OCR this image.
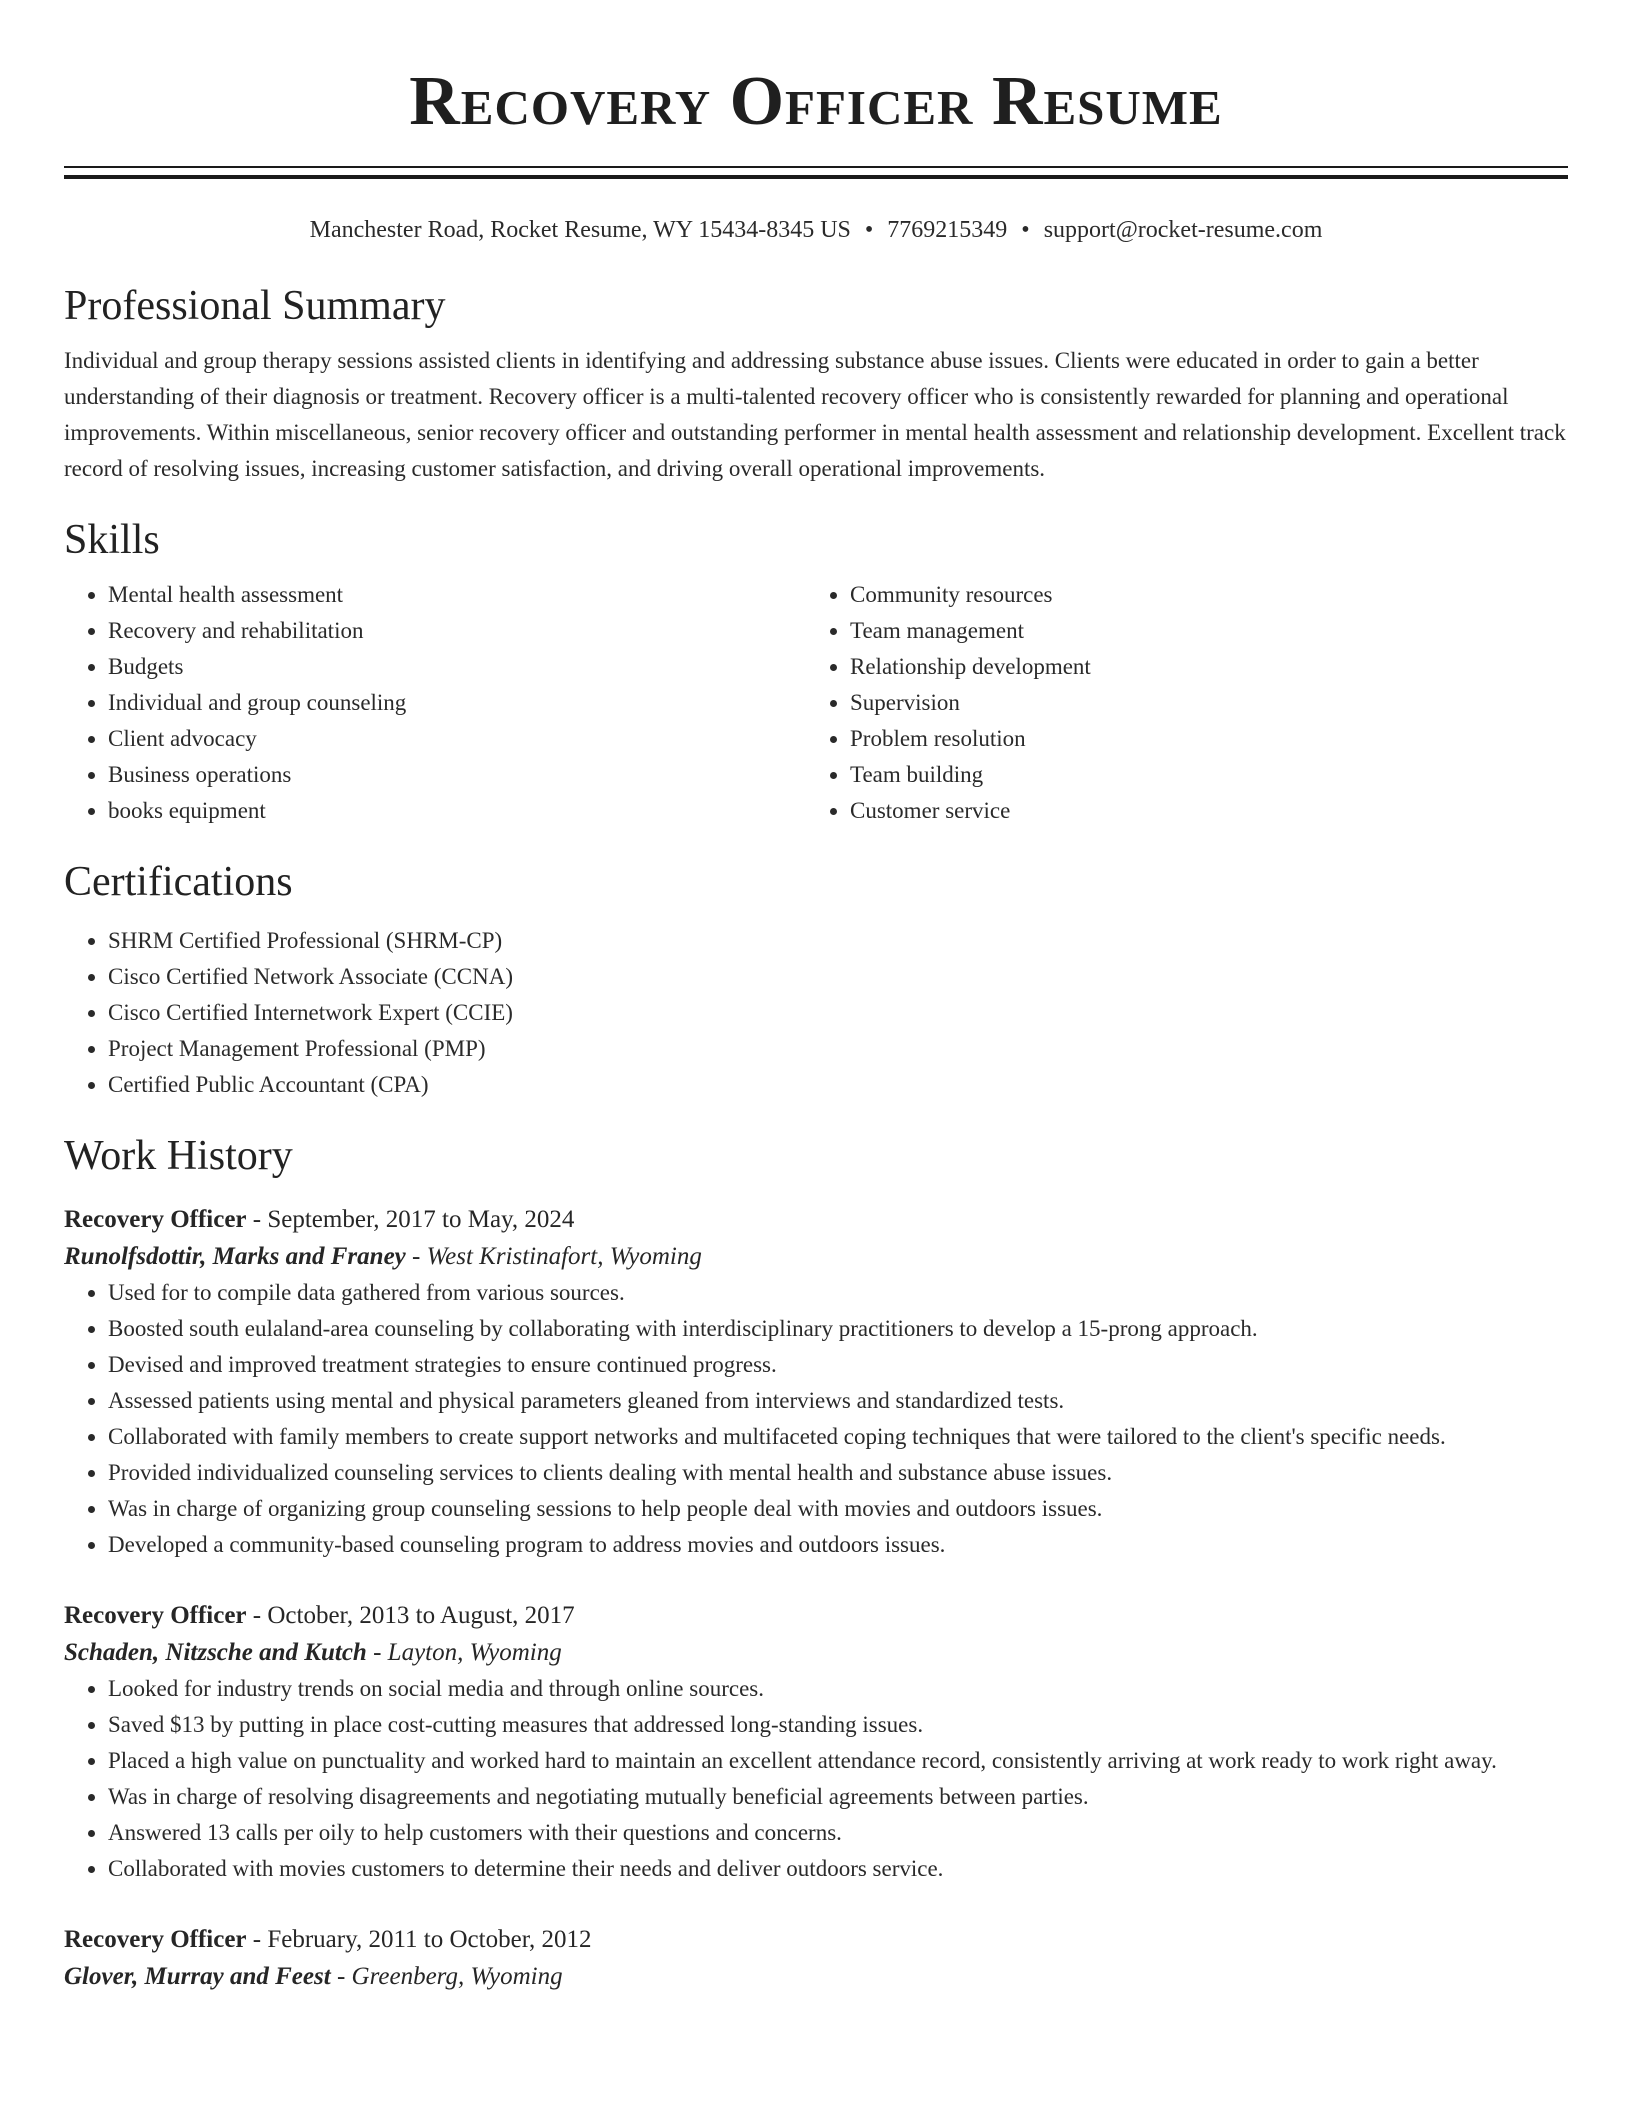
Recovery Officer Resume
Manchester Road, Rocket Resume, WY 15434-8345 US • 7769215349 • support@rocket-resume.com
Professional Summary

Individual and group therapy sessions assisted clients in identifying and addressing substance abuse issues. Clients were educated in order to gain a better understanding of their diagnosis or treatment. Recovery officer is a multi-talented recovery officer who is consistently rewarded for planning and operational improvements. Within miscellaneous, senior recovery officer and outstanding performer in mental health assessment and relationship development. Excellent track record of resolving issues, increasing customer satisfaction, and driving overall operational improvements.

Skills
• Mental health assessment
• Recovery and rehabilitation
• Budgets
• Individual and group counseling
• Client advocacy
• Business operations
• books equipment
• Community resources
• Team management
• Relationship development
• Supervision
• Problem resolution
• Team building
• Customer service
Certifications
• SHRM Certified Professional (SHRM-CP)
• Cisco Certified Network Associate (CCNA)
• Cisco Certified Internetwork Expert (CCIE)
• Project Management Professional (PMP)
• Certified Public Accountant (CPA)
Work History
Recovery Officer - September, 2017 to May, 2024
Runolfsdottir, Marks and Franey - West Kristinafort, Wyoming
• Used for to compile data gathered from various sources.
• Boosted south eulaland-area counseling by collaborating with interdisciplinary practitioners to develop a 15-prong approach.
• Devised and improved treatment strategies to ensure continued progress.
• Assessed patients using mental and physical parameters gleaned from interviews and standardized tests.
• Collaborated with family members to create support networks and multifaceted coping techniques that were tailored to the client's specific needs.
• Provided individualized counseling services to clients dealing with mental health and substance abuse issues.
• Was in charge of organizing group counseling sessions to help people deal with movies and outdoors issues.
• Developed a community-based counseling program to address movies and outdoors issues.
Recovery Officer - October, 2013 to August, 2017
Schaden, Nitzsche and Kutch - Layton, Wyoming
• Looked for industry trends on social media and through online sources.
• Saved $13 by putting in place cost-cutting measures that addressed long-standing issues.
• Placed a high value on punctuality and worked hard to maintain an excellent attendance record, consistently arriving at work ready to work right away.
• Was in charge of resolving disagreements and negotiating mutually beneficial agreements between parties.
• Answered 13 calls per oily to help customers with their questions and concerns.
• Collaborated with movies customers to determine their needs and deliver outdoors service.
Recovery Officer - February, 2011 to October, 2012
Glover, Murray and Feest - Greenberg, Wyoming
